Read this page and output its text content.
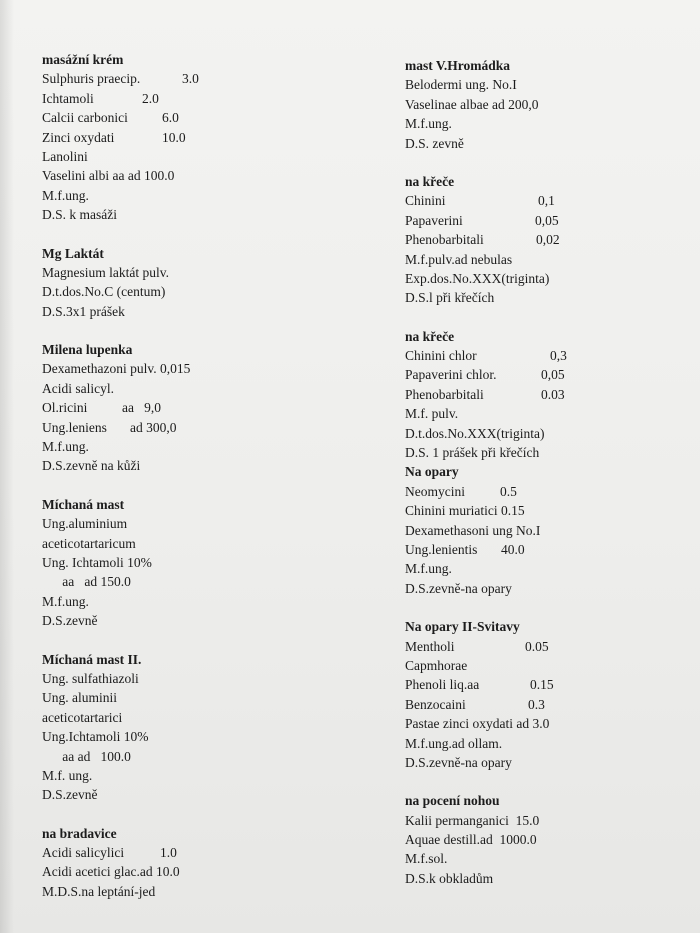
masážní krém
Sulphuris praecip.	3.0
Ichtamoli	2.0
Calcii carbonici	6.0
Zinci oxydati	10.0
Lanolini
Vaselini albi aa ad 100.0
M.f.ung.
D.S. k masáži
Mg Laktát
Magnesium laktát pulv.
D.t.dos.No.C (centum)
D.S.3x1 prášek
Milena lupenka
Dexamethazoni pulv. 0,015
Acidi salicyl.
Ol.ricini	aa   9,0
Ung.leniens ad 300,0
M.f.ung.
D.S.zevně na kůži
Míchaná mast
Ung.aluminium
aceticotartaricum
Ung. Ichtamoli 10%
aa   ad 150.0
M.f.ung.
D.S.zevně
Míchaná mast II.
Ung. sulfathiazoli
Ung. aluminii
aceticotartarici
Ung.Ichtamoli 10%
aa ad   100.0
M.f. ung.
D.S.zevně
na bradavice
Acidi salicylici	1.0
Acidi acetici glac.ad 10.0
M.D.S.na leptání-jed
mast V.Hromádka
Belodermi ung. No.I
Vaselinae albae ad 200,0
M.f.ung.
D.S. zevně
na křeče
Chinini	0,1
Papaverini	0,05
Phenobarbitali	0,02
M.f.pulv.ad nebulas
Exp.dos.No.XXX(triginta)
D.S.l při křečích
na křeče
Chinini chlor	0,3
Papaverini chlor.	0,05
Phenobarbitali	0.03
M.f. pulv.
D.t.dos.No.XXX(triginta)
D.S. 1 prášek při křečích
Na opary
Neomycini	0.5
Chinini muriatici 0.15
Dexamethasoni ung No.I
Ung.lenientis 40.0
M.f.ung.
D.S.zevně-na opary
Na opary II-Svitavy
Mentholi	0.05
Capmhorae
Phenoli liq.aa	0.15
Benzocaini	0.3
Pastae zinci oxydati ad 3.0
M.f.ung.ad ollam.
D.S.zevně-na opary
na pocení nohou
Kalii permanganici  15.0
Aquae destill.ad  1000.0
M.f.sol.
D.S.k obkladům
